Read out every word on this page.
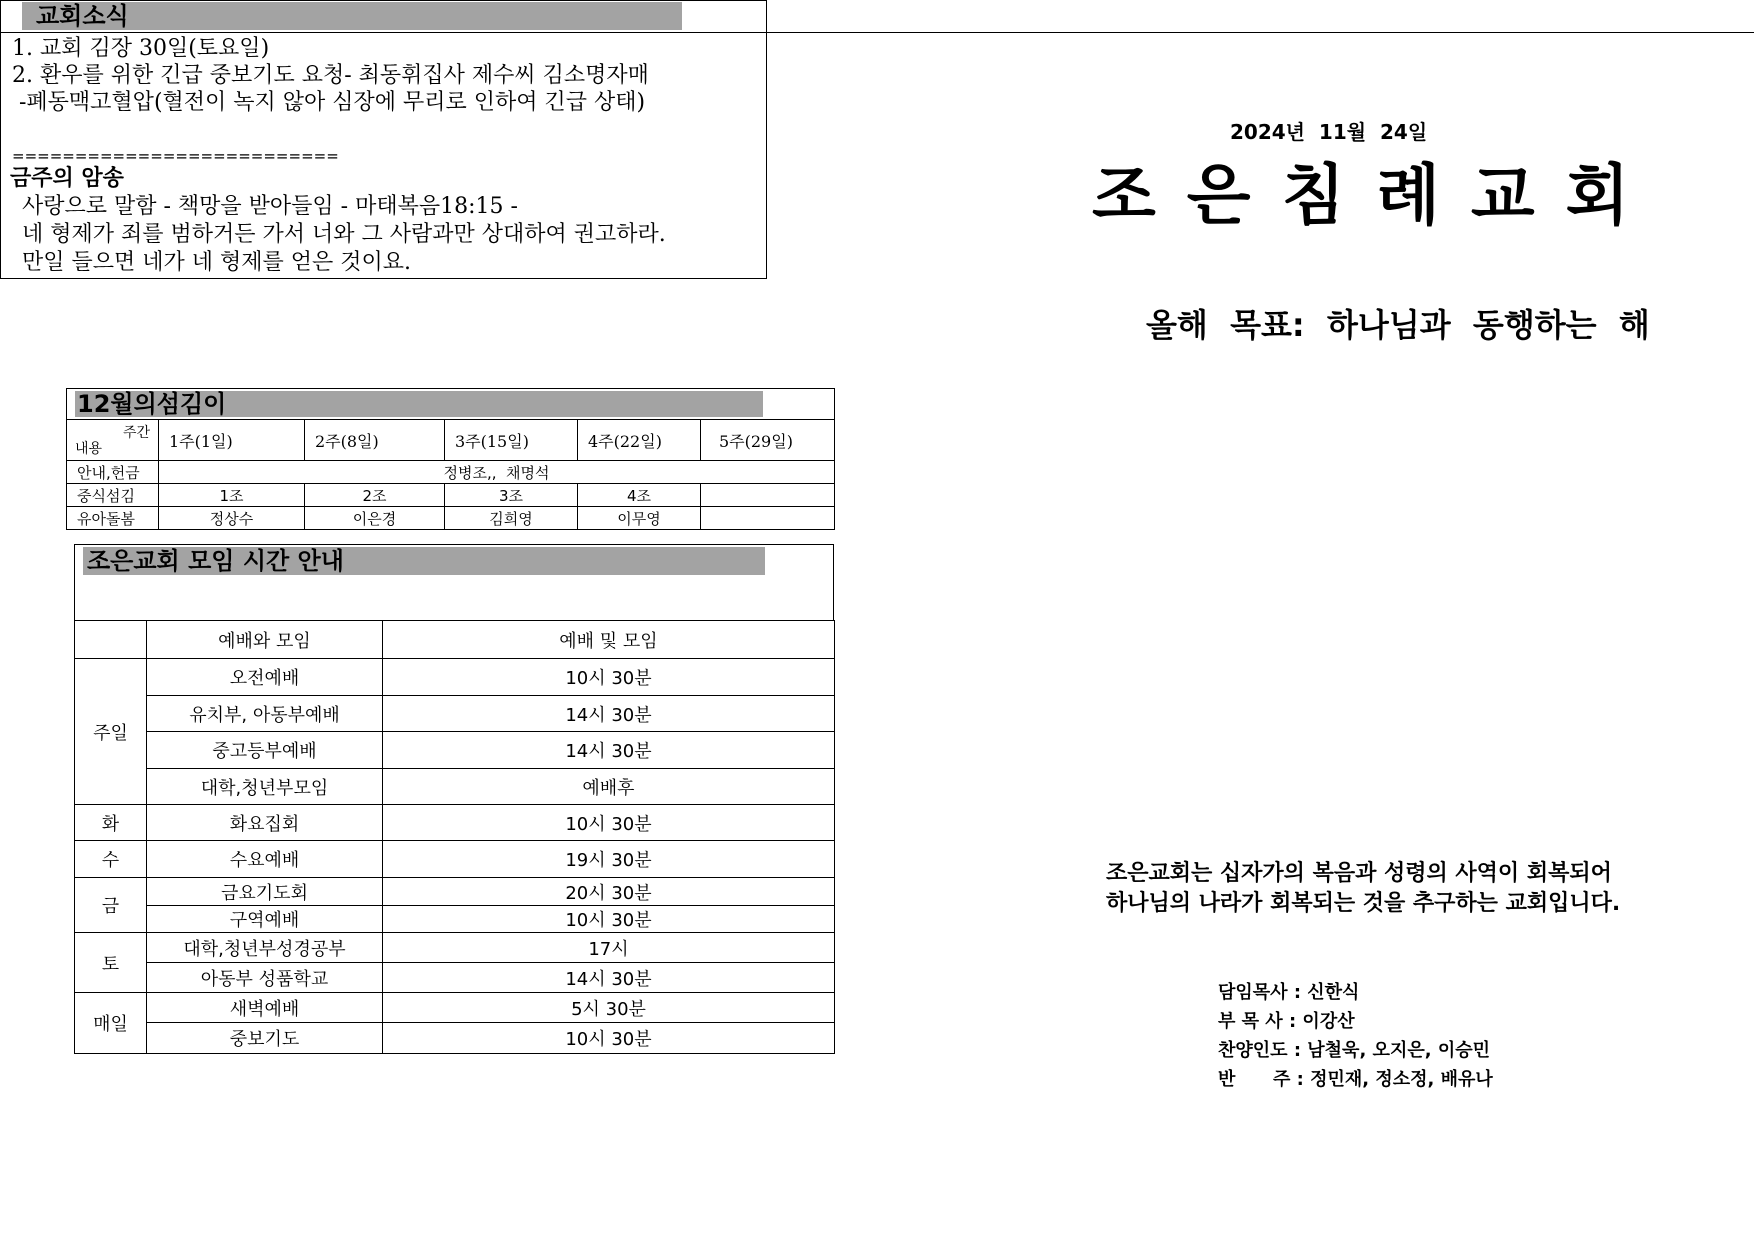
교회소식
1. 교회 김장 30일(토요일)
2. 환우를 위한 긴급 중보기도 요청- 최동휘집사 제수씨 김소명자매
-폐동맥고혈압(혈전이 녹지 않아 심장에 무리로 인하여 긴급 상태)
==========================
금주의 암송
사랑으로 말함 - 책망을 받아들임 - 마태복음18:15 -
네 형제가 죄를 범하거든 가서 너와 그 사람과만 상대하여 권고하라.
만일 들으면 네가 네 형제를 얻은 것이요.
12월의섬김이					

주간
내용	1주(1일)	2주(8일)	3주(15일)	4주(22일)	5주(29일)
안내,헌금	정병조,,  채명석				
중식섬김	1조	2조	3조	4조	
유아돌봄	정상수	이은경	김희영	이무영	
조은교회 모임 시간 안내
	예배와 모임	예배 및 모임
주일	오전예배	10시 30분
	유치부, 아동부예배	14시 30분
	중고등부예배	14시 30분
	대학,청년부모임	예배후
화	화요집회	10시 30분
수	수요예배	19시 30분
금	금요기도회	20시 30분
	구역예배	10시 30분
토	대학,청년부성경공부	17시
	아동부 성품학교	14시 30분
매일	새벽예배	5시 30분
	중보기도	10시 30분
2024년  11월  24일
조 은 침 례 교 회
올해  목표:  하나님과  동행하는  해
조은교회는 십자가의 복음과 성령의 사역이 회복되어
하나님의 나라가 회복되는 것을 추구하는 교회입니다.
담임목사 : 신한식
부 목 사 : 이강산
찬양인도 : 남철욱, 오지은, 이승민
반      주 : 정민재, 정소정, 배유나
